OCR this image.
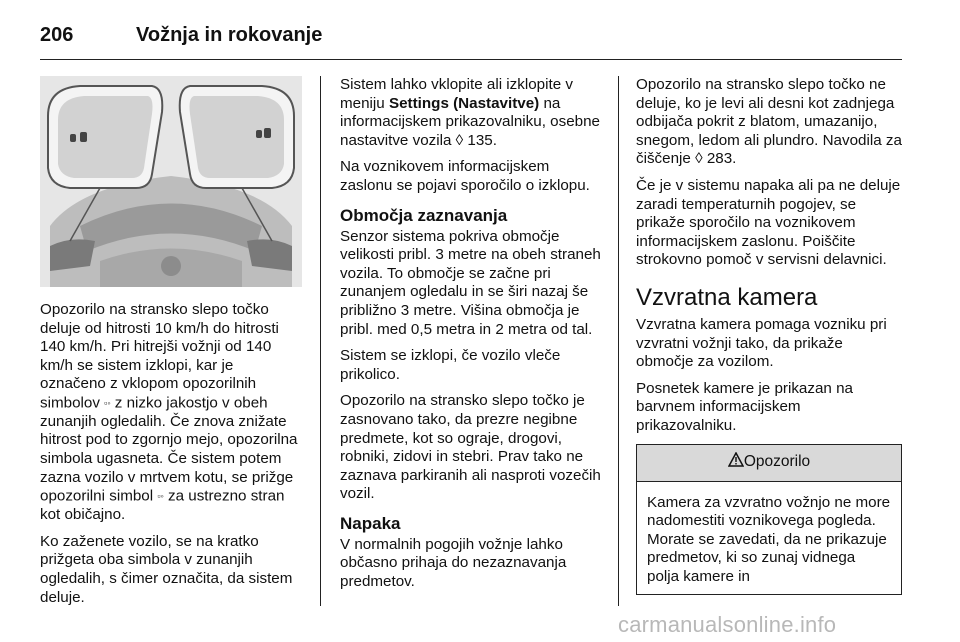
206	Vožnja in rokovanje

Opozorilo na stransko slepo točko deluje od hitrosti 10 km/h do hitrosti 140 km/h. Pri hitrejši vožnji od 140 km/h se sistem izklopi, kar je označeno z vklopom opozorilnih simbolov ▫◦ z nizko jakostjo v obeh zunanjih ogledalih. Če znova znižate hitrost pod to zgornjo mejo, opozorilna simbola ugasneta. Če sistem potem zazna vozilo v mrtvem kotu, se prižge opozorilni simbol ▫◦ za ustrezno stran kot običajno.

Ko zaženete vozilo, se na kratko prižgeta oba simbola v zunanjih ogledalih, s čimer označita, da sistem deluje.

Sistem lahko vklopite ali izklopite v meniju Settings (Nastavitve) na informacijskem prikazovalniku, osebne nastavitve vozila ◊ 135.

Na voznikovem informacijskem zaslonu se pojavi sporočilo o izklopu.

Območja zaznavanja

Senzor sistema pokriva območje velikosti pribl. 3 metre na obeh straneh vozila. To območje se začne pri zunanjem ogledalu in se širi nazaj še približno 3 metre. Višina območja je pribl. med 0,5 metra in 2 metra od tal.

Sistem se izklopi, če vozilo vleče prikolico.

Opozorilo na stransko slepo točko je zasnovano tako, da prezre negibne predmete, kot so ograje, drogovi, robniki, zidovi in stebri. Prav tako ne zaznava parkiranih ali nasproti vozečih vozil.

Napaka

V normalnih pogojih vožnje lahko občasno prihaja do nezaznavanja predmetov.

Opozorilo na stransko slepo točko ne deluje, ko je levi ali desni kot zadnjega odbijača pokrit z blatom, umazanijo, snegom, ledom ali plundro. Navodila za čiščenje ◊ 283.

Če je v sistemu napaka ali pa ne deluje zaradi temperaturnih pogojev, se prikaže sporočilo na voznikovem informacijskem zaslonu. Poiščite strokovno pomoč v servisni delavnici.

Vzvratna kamera

Vzvratna kamera pomaga vozniku pri vzvratni vožnji tako, da prikaže območje za vozilom.

Posnetek kamere je prikazan na barvnem informacijskem prikazovalniku.

Opozorilo
Kamera za vzvratno vožnjo ne more nadomestiti voznikovega pogleda. Morate se zavedati, da ne prikazuje predmetov, ki so zunaj vidnega polja kamere in
carmanualsonline.info
